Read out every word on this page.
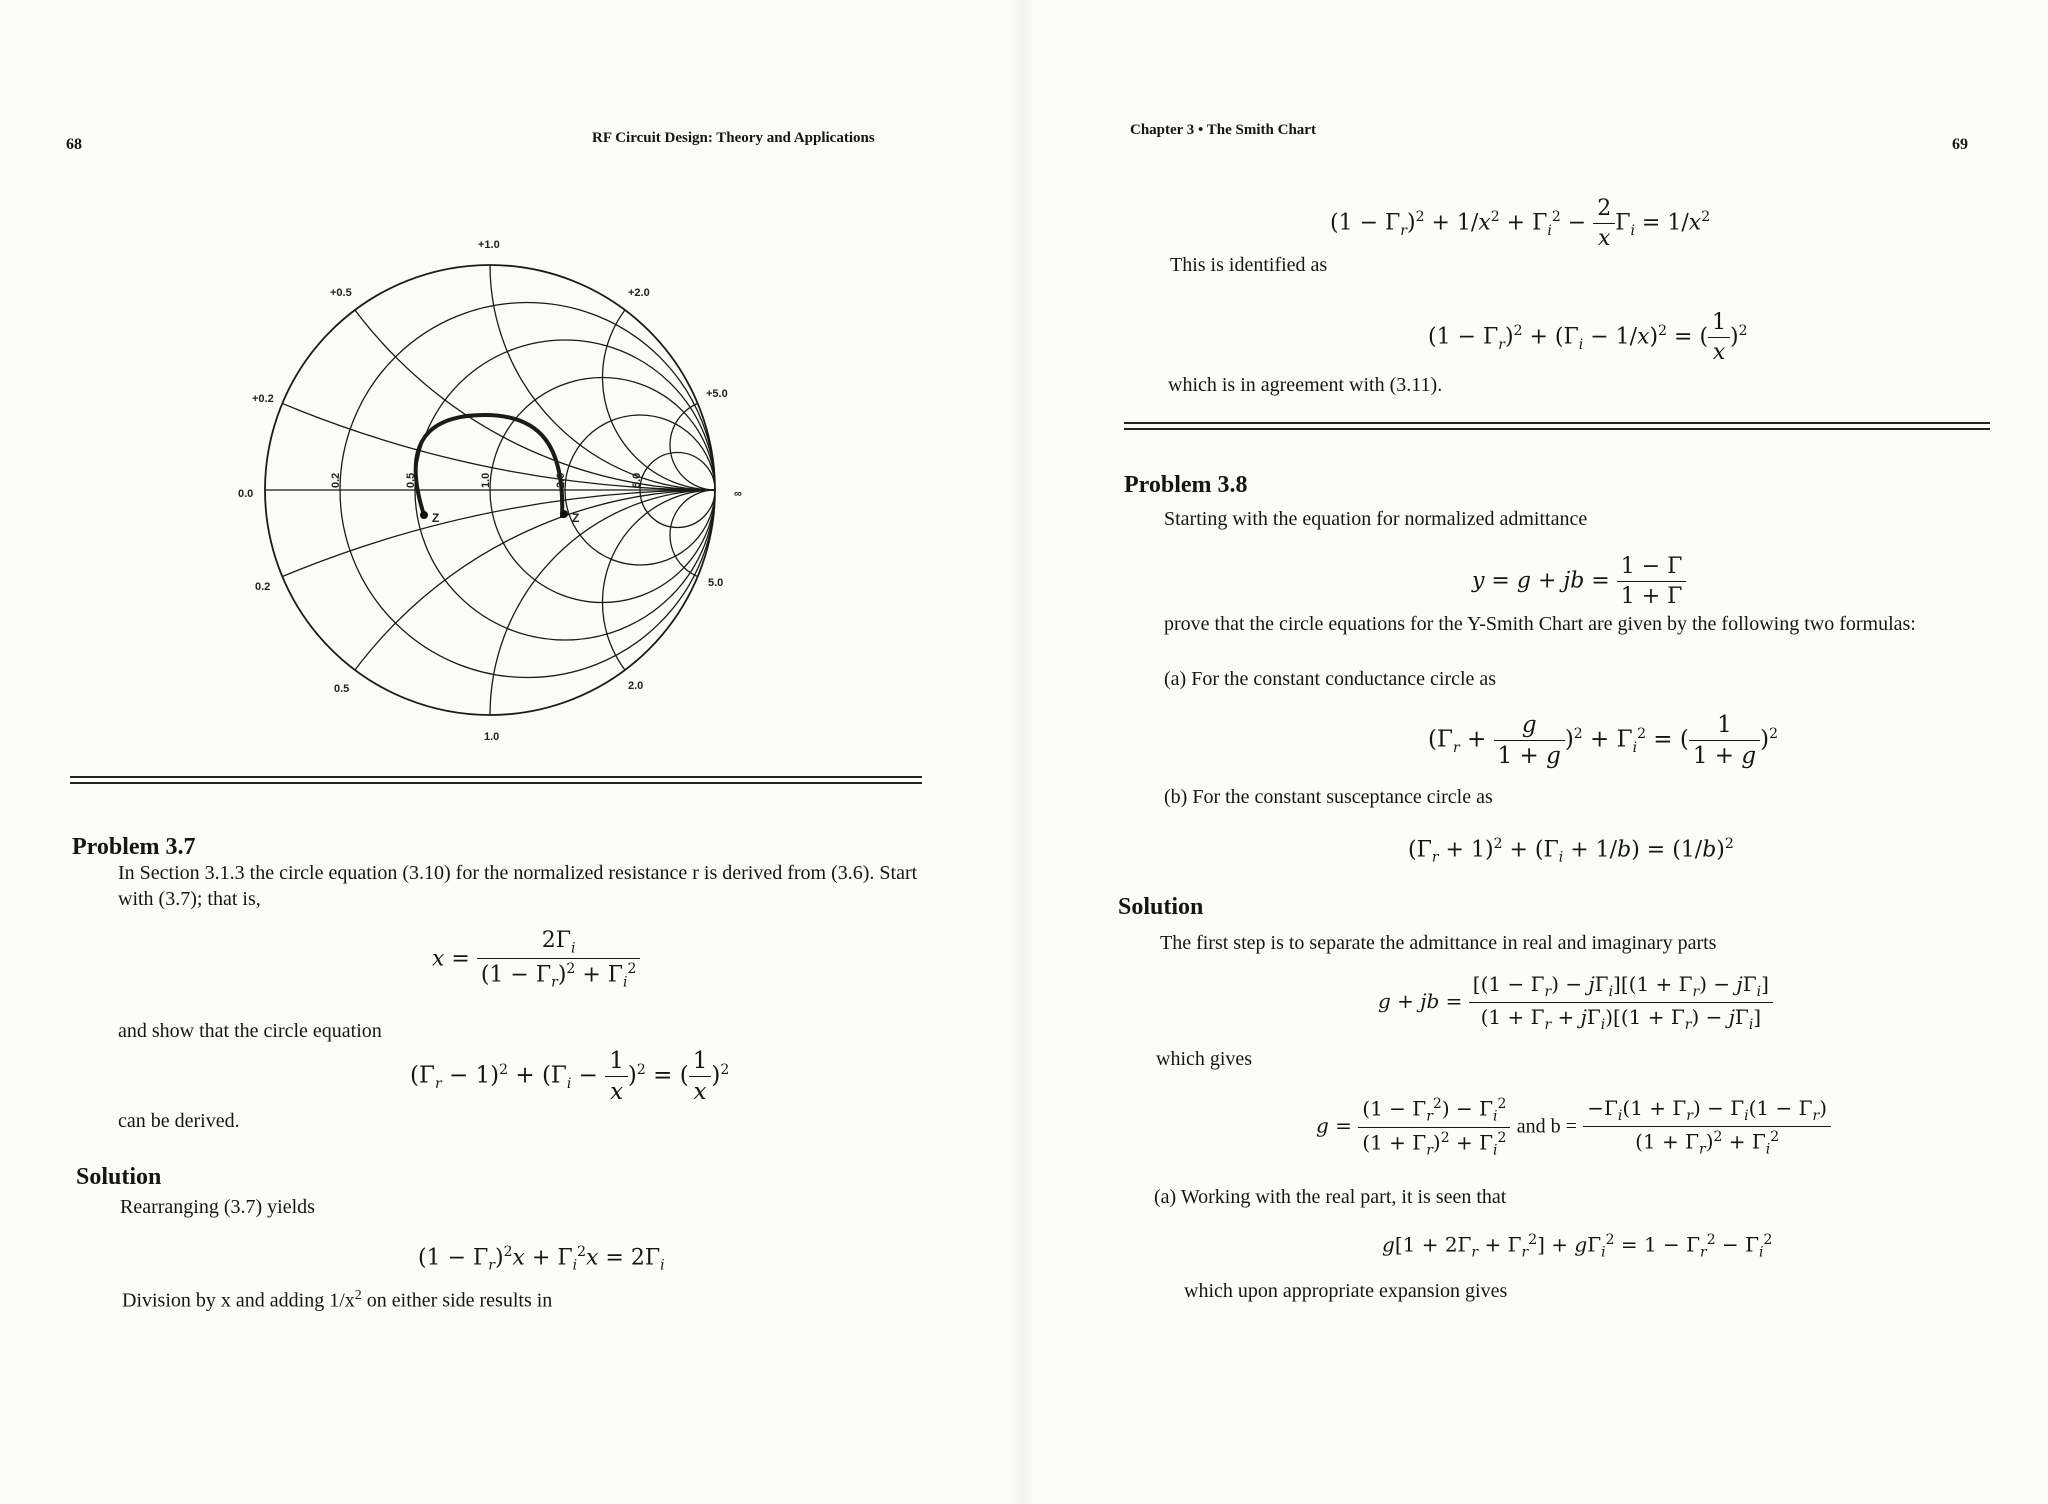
68	RF Circuit Design: Theory and Applications
+1.0
+0.5	+2.0
+0.2	+5.0
0.0	∞
0.2	5.0
0.5	2.0
1.0
0.2	0.5	1.0	2.0	5.0
Z	Z
Problem 3.7
In Section 3.1.3 the circle equation (3.10) for the normalized resistance r is derived from (3.6). Start with (3.7); that is,
$x = \frac{2\Gamma_i}{(1 - \Gamma_r)^2 + \Gamma_i^2}$
and show that the circle equation
$(\Gamma_r - 1)^2 + (\Gamma_i - \frac{1}{x} )^2$ = ( $\frac{1}{x} )^2$
can be derived.
Solution
Rearranging (3.7) yields
$(1 - \Gamma_r)^2x + \Gamma_i^2x = 2\Gamma_i$
Division by x and adding $1/x^2$ on either side results in
Chapter 3 • The Smith Chart
69
$(1 - \Gamma_r)^2 + 1/x^2 + \Gamma_i^2 - \frac{2}{x} \Gamma_i = 1/x^2$
This is identified as
$(1 - \Gamma_r)^2 + (\Gamma_i - 1/x)^2$ = ( $\frac{1}{x} )^2$
which is in agreement with (3.11).
Problem 3.8
Starting with the equation for normalized admittance
y = g + jb = $\frac{1 - \Gamma}{1 + \Gamma}$
prove that the circle equations for the Y-Smith Chart are given by the following two formulas:
(a) For the constant conductance circle as
$(\Gamma_r + \frac{g}{1 + g} )^2 + \Gamma_i^2$ = ( $\frac{1}{1 + g} )^2$
(b) For the constant susceptance circle as
$(\Gamma_r + 1)^2 + (\Gamma_i + 1/b) = (1/b)^2$
Solution
The first step is to separate the admittance in real and imaginary parts
g + jb = $\frac{[(1 - \Gamma_r) - j\Gamma_i][(1 + \Gamma_r) - j\Gamma_i]}{(1 + \Gamma_r + j\Gamma_i)[(1 + \Gamma_r) - j\Gamma_i]}$
which gives
$g = \frac{(1 - \Gamma_r^2) - \Gamma_i^2}{(1 + \Gamma_r)^2 + \Gamma_i^2}$ and $b = \frac{-\Gamma_i(1 + \Gamma_r) - \Gamma_i(1 - \Gamma_r)}{(1 + \Gamma_r)^2 + \Gamma_i^2}$
(a) Working with the real part, it is seen that
$g[1 + 2\Gamma_r + \Gamma_r^2] + g\Gamma_i^2 = 1 - \Gamma_r^2 - \Gamma_i^2$
which upon appropriate expansion gives
